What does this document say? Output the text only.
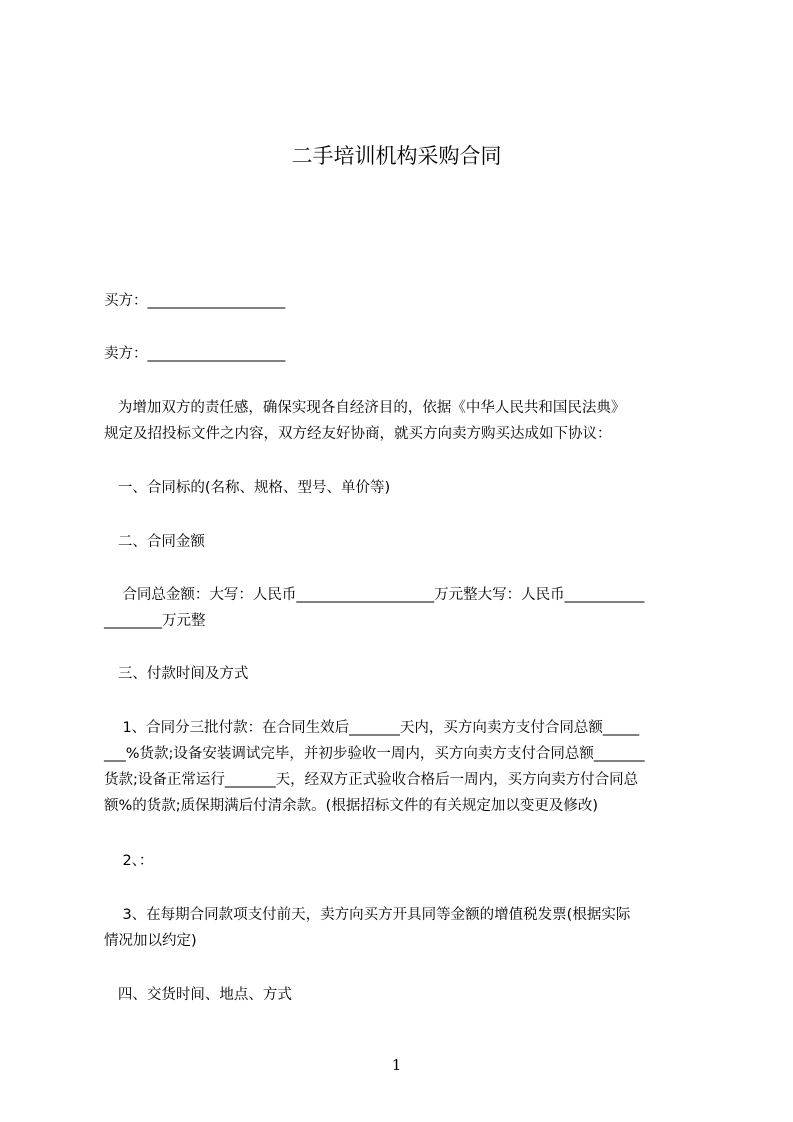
二手培训机构采购合同

买方：___________________

卖方：___________________

为增加双方的责任感，确保实现各自经济目的，依据《中华人民共和国民法典》

规定及招投标文件之内容，双方经友好协商，就买方向卖方购买达成如下协议：

一、合同标的(名称、规格、型号、单价等)

二、合同金额

合同总金额：大写：人民币___________________万元整大写：人民币___________

________万元整

三、付款时间及方式

1、合同分三批付款：在合同生效后_______天内，买方向卖方支付合同总额_____

___%货款;设备安装调试完毕，并初步验收一周内，买方向卖方支付合同总额_______

货款;设备正常运行_______天，经双方正式验收合格后一周内，买方向卖方付合同总

额%的货款;质保期满后付清余款。(根据招标文件的有关规定加以变更及修改)

2、：

3、在每期合同款项支付前天，卖方向买方开具同等金额的增值税发票(根据实际

情况加以约定)

四、交货时间、地点、方式

1
